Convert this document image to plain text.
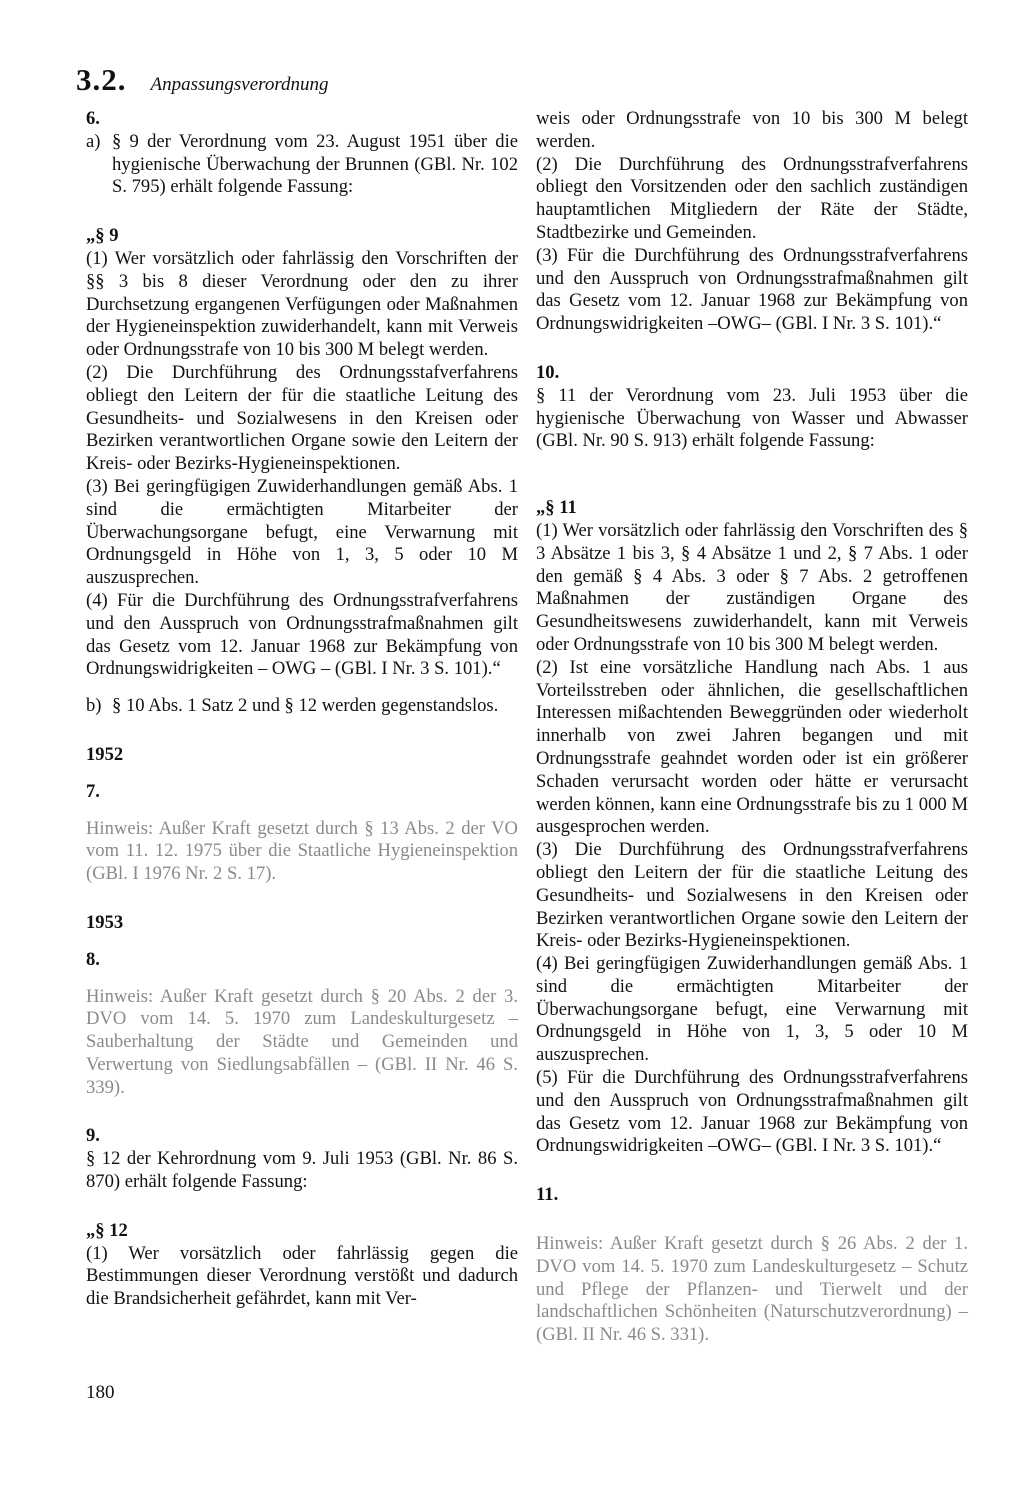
3.2. Anpassungsverordnung

6.

a) § 9 der Verordnung vom 23. August 1951 über die hygienische Überwachung der Brunnen (GBl. Nr. 102 S. 795) erhält folgende Fassung:

„§ 9

(1) Wer vorsätzlich oder fahrlässig den Vorschriften der §§ 3 bis 8 dieser Verordnung oder den zu ihrer Durchsetzung ergangenen Verfügungen oder Maßnahmen der Hygieneinspektion zuwiderhandelt, kann mit Verweis oder Ordnungsstrafe von 10 bis 300 M belegt werden.

(2) Die Durchführung des Ordnungsstafverfahrens obliegt den Leitern der für die staatliche Leitung des Gesundheits- und Sozialwesens in den Kreisen oder Bezirken verantwortlichen Organe sowie den Leitern der Kreis- oder Bezirks-Hygieneinspektionen.

(3) Bei geringfügigen Zuwiderhandlungen gemäß Abs. 1 sind die ermächtigten Mitarbeiter der Überwachungsorgane befugt, eine Verwarnung mit Ordnungsgeld in Höhe von 1, 3, 5 oder 10 M auszusprechen.

(4) Für die Durchführung des Ordnungsstrafverfahrens und den Ausspruch von Ordnungsstrafmaßnahmen gilt das Gesetz vom 12. Januar 1968 zur Bekämpfung von Ordnungswidrigkeiten – OWG – (GBl. I Nr. 3 S. 101).“

b) § 10 Abs. 1 Satz 2 und § 12 werden gegenstandslos.

1952

7.

Hinweis: Außer Kraft gesetzt durch § 13 Abs. 2 der VO vom 11. 12. 1975 über die Staatliche Hygieneinspektion (GBl. I 1976 Nr. 2 S. 17).

1953

8.

Hinweis: Außer Kraft gesetzt durch § 20 Abs. 2 der 3. DVO vom 14. 5. 1970 zum Landeskulturgesetz – Sauberhaltung der Städte und Gemeinden und Verwertung von Siedlungsabfällen – (GBl. II Nr. 46 S. 339).

9.

§ 12 der Kehrordnung vom 9. Juli 1953 (GBl. Nr. 86 S. 870) erhält folgende Fassung:

„§ 12

(1) Wer vorsätzlich oder fahrlässig gegen die Bestimmungen dieser Verordnung verstößt und dadurch die Brandsicherheit gefährdet, kann mit Ver-

weis oder Ordnungsstrafe von 10 bis 300 M belegt werden.

(2) Die Durchführung des Ordnungsstrafverfahrens obliegt den Vorsitzenden oder den sachlich zuständigen hauptamtlichen Mitgliedern der Räte der Städte, Stadtbezirke und Gemeinden.

(3) Für die Durchführung des Ordnungsstrafverfahrens und den Ausspruch von Ordnungsstrafmaßnahmen gilt das Gesetz vom 12. Januar 1968 zur Bekämpfung von Ordnungswidrigkeiten –OWG– (GBl. I Nr. 3 S. 101).“

10.

§ 11 der Verordnung vom 23. Juli 1953 über die hygienische Überwachung von Wasser und Abwasser (GBl. Nr. 90 S. 913) erhält folgende Fassung:

„§ 11

(1) Wer vorsätzlich oder fahrlässig den Vorschriften des § 3 Absätze 1 bis 3, § 4 Absätze 1 und 2, § 7 Abs. 1 oder den gemäß § 4 Abs. 3 oder § 7 Abs. 2 getroffenen Maßnahmen der zuständigen Organe des Gesundheitswesens zuwiderhandelt, kann mit Verweis oder Ordnungsstrafe von 10 bis 300 M belegt werden.

(2) Ist eine vorsätzliche Handlung nach Abs. 1 aus Vorteilsstreben oder ähnlichen, die gesellschaftlichen Interessen mißachtenden Beweggründen oder wiederholt innerhalb von zwei Jahren begangen und mit Ordnungsstrafe geahndet worden oder ist ein größerer Schaden verursacht worden oder hätte er verursacht werden können, kann eine Ordnungsstrafe bis zu 1 000 M ausgesprochen werden.

(3) Die Durchführung des Ordnungsstrafverfahrens obliegt den Leitern der für die staatliche Leitung des Gesundheits- und Sozialwesens in den Kreisen oder Bezirken verantwortlichen Organe sowie den Leitern der Kreis- oder Bezirks-Hygieneinspektionen.

(4) Bei geringfügigen Zuwiderhandlungen gemäß Abs. 1 sind die ermächtigten Mitarbeiter der Überwachungsorgane befugt, eine Verwarnung mit Ordnungsgeld in Höhe von 1, 3, 5 oder 10 M auszusprechen.

(5) Für die Durchführung des Ordnungsstrafverfahrens und den Ausspruch von Ordnungsstrafmaßnahmen gilt das Gesetz vom 12. Januar 1968 zur Bekämpfung von Ordnungswidrigkeiten –OWG– (GBl. I Nr. 3 S. 101).“

11.

Hinweis: Außer Kraft gesetzt durch § 26 Abs. 2 der 1. DVO vom 14. 5. 1970 zum Landeskulturgesetz – Schutz und Pflege der Pflanzen- und Tierwelt und der landschaftlichen Schönheiten (Naturschutzverordnung) – (GBl. II Nr. 46 S. 331).

180
